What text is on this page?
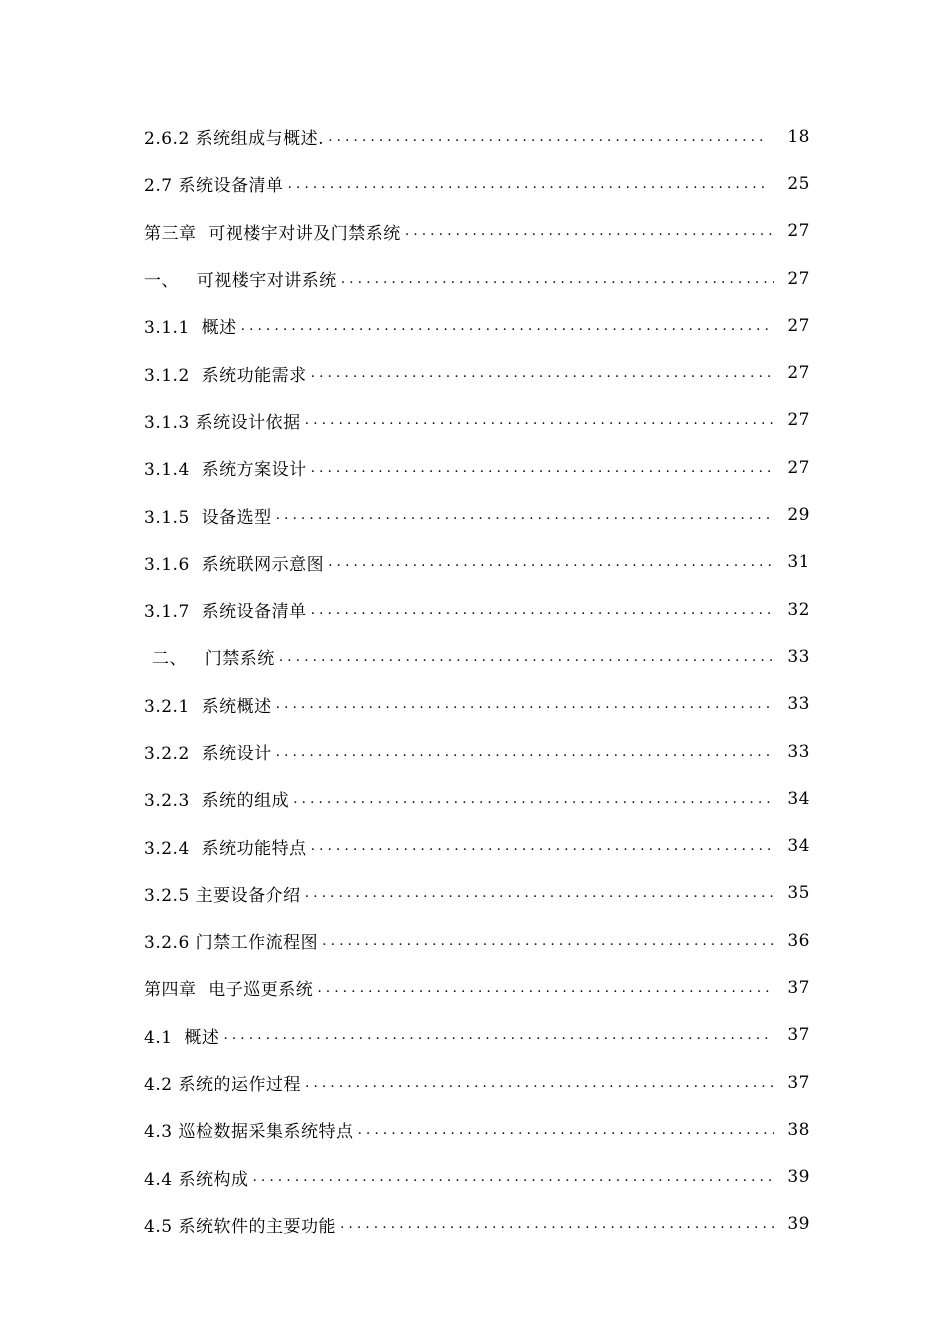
2.6.2 系统组成与概述. .....	18
2.7 系统设备清单 .....	25
第三章  可视楼宇对讲及门禁系统 .....	27
一、   可视楼宇对讲系统 .....	27
3.1.1  概述 .....	27
3.1.2  系统功能需求 .....	27
3.1.3 系统设计依据 .....	27
3.1.4  系统方案设计 .....	27
3.1.5  设备选型 .....	29
3.1.6  系统联网示意图 .....	31
3.1.7  系统设备清单 .....	32
二、   门禁系统 .....	33
3.2.1  系统概述 .....	33
3.2.2  系统设计 .....	33
3.2.3  系统的组成 .....	34
3.2.4  系统功能特点 .....	34
3.2.5 主要设备介绍 .....	35
3.2.6 门禁工作流程图 .....	36
第四章  电子巡更系统 .....	37
4.1  概述 .....	37
4.2 系统的运作过程 .....	37
4.3 巡检数据采集系统特点 .....	38
4.4 系统构成 .....	39
4.5 系统软件的主要功能 .....	39
